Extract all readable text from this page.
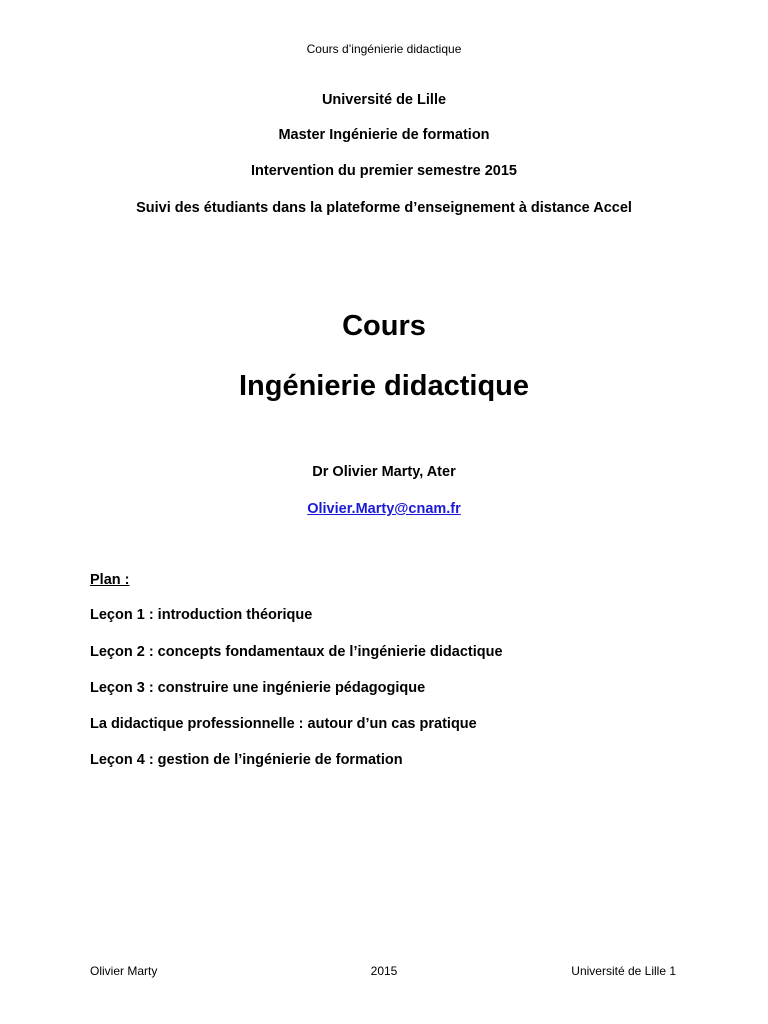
Cours d’ingénierie didactique
Université de Lille
Master Ingénierie de formation
Intervention du premier semestre 2015
Suivi des étudiants dans la plateforme d’enseignement à distance Accel
Cours
Ingénierie didactique
Dr Olivier Marty, Ater
Olivier.Marty@cnam.fr
Plan :
Leçon 1 : introduction théorique
Leçon 2 : concepts fondamentaux de l’ingénierie didactique
Leçon 3 : construire une ingénierie pédagogique
La didactique professionnelle : autour d’un cas pratique
Leçon 4 : gestion de l’ingénierie de formation
Olivier Marty	2015	Université de Lille 1
